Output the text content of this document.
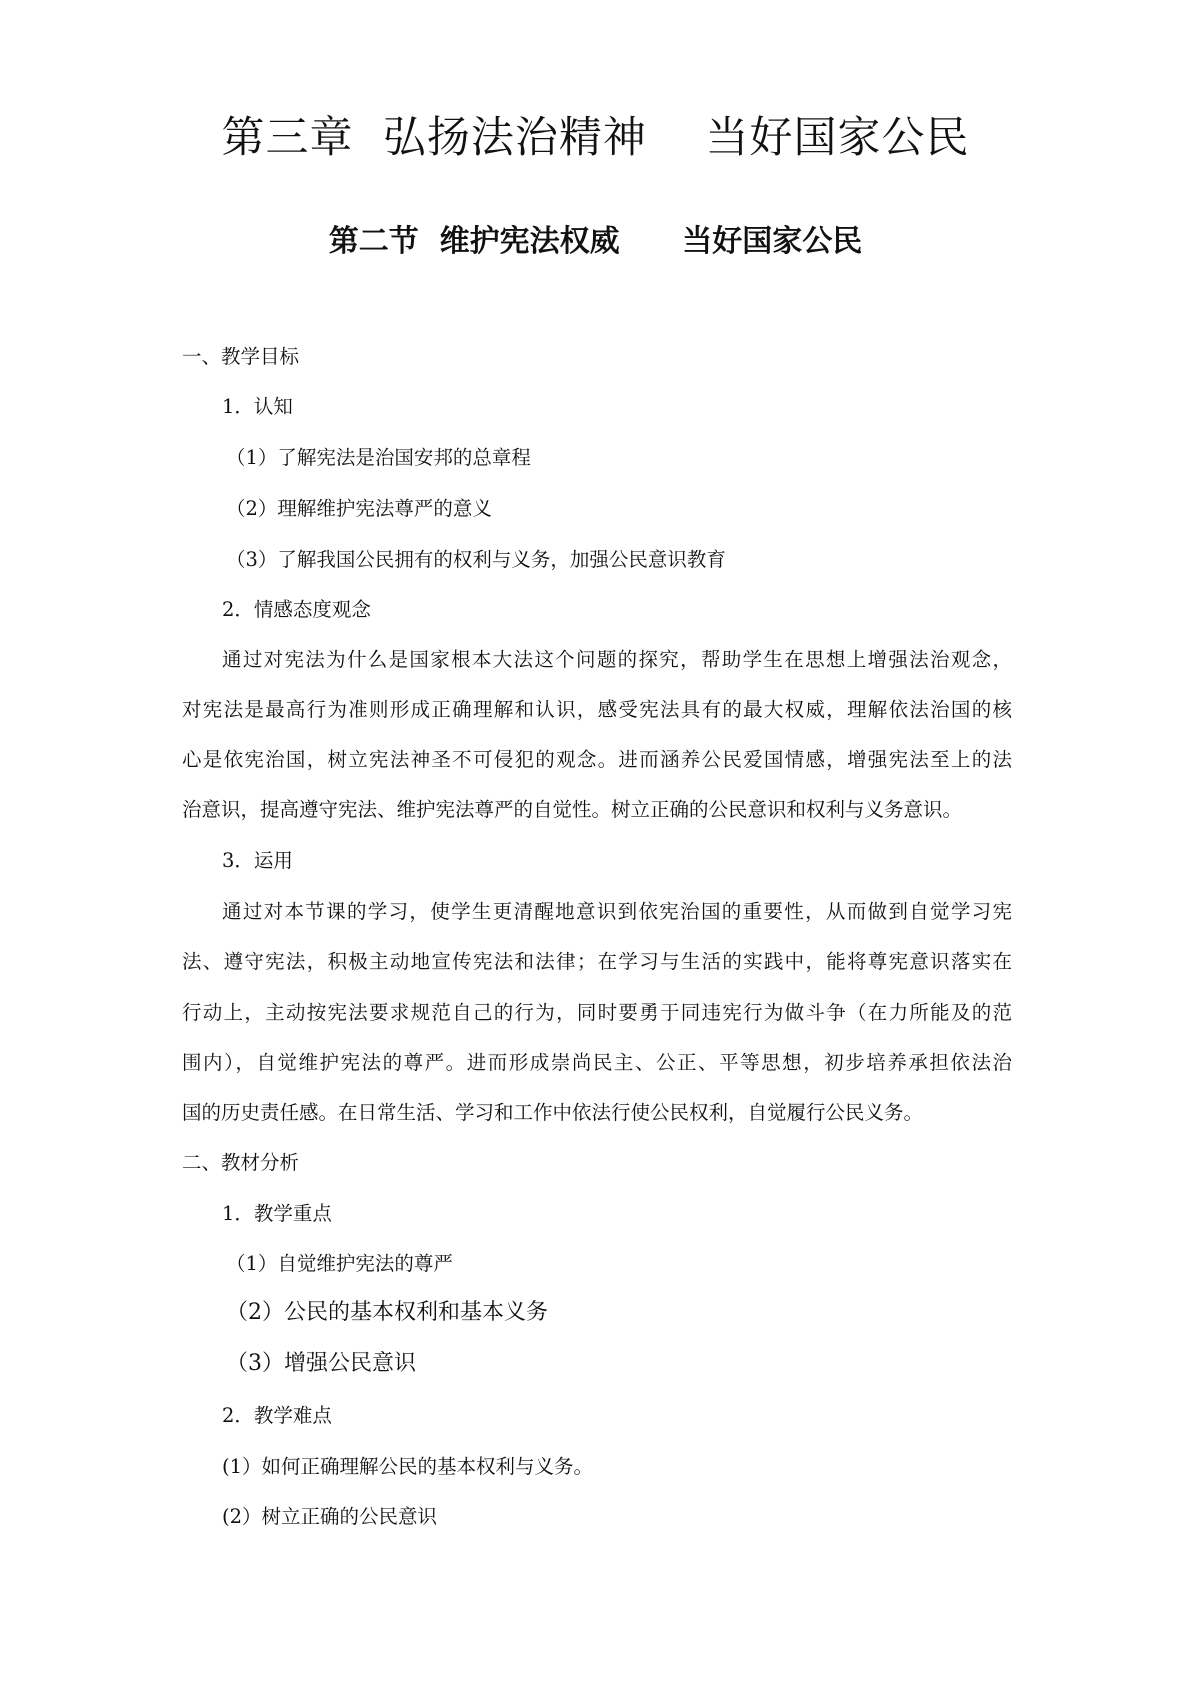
第三章  弘扬法治精神    当好国家公民
第二节  维护宪法权威      当好国家公民
一、教学目标
1．认知
（1）了解宪法是治国安邦的总章程
（2）理解维护宪法尊严的意义
（3）了解我国公民拥有的权利与义务，加强公民意识教育
2．情感态度观念
通过对宪法为什么是国家根本大法这个问题的探究，帮助学生在思想上增强法治观念，
对宪法是最高行为准则形成正确理解和认识，感受宪法具有的最大权威，理解依法治国的核
心是依宪治国，树立宪法神圣不可侵犯的观念。进而涵养公民爱国情感，增强宪法至上的法
治意识，提高遵守宪法、维护宪法尊严的自觉性。树立正确的公民意识和权利与义务意识。
3．运用
通过对本节课的学习，使学生更清醒地意识到依宪治国的重要性，从而做到自觉学习宪
法、遵守宪法，积极主动地宣传宪法和法律；在学习与生活的实践中，能将尊宪意识落实在
行动上，主动按宪法要求规范自己的行为，同时要勇于同违宪行为做斗争（在力所能及的范
围内），自觉维护宪法的尊严。进而形成崇尚民主、公正、平等思想，初步培养承担依法治
国的历史责任感。在日常生活、学习和工作中依法行使公民权利，自觉履行公民义务。
二、教材分析
1．教学重点
（1）自觉维护宪法的尊严
（2）公民的基本权利和基本义务
（3）增强公民意识
2．教学难点
(1）如何正确理解公民的基本权利与义务。
(2）树立正确的公民意识
